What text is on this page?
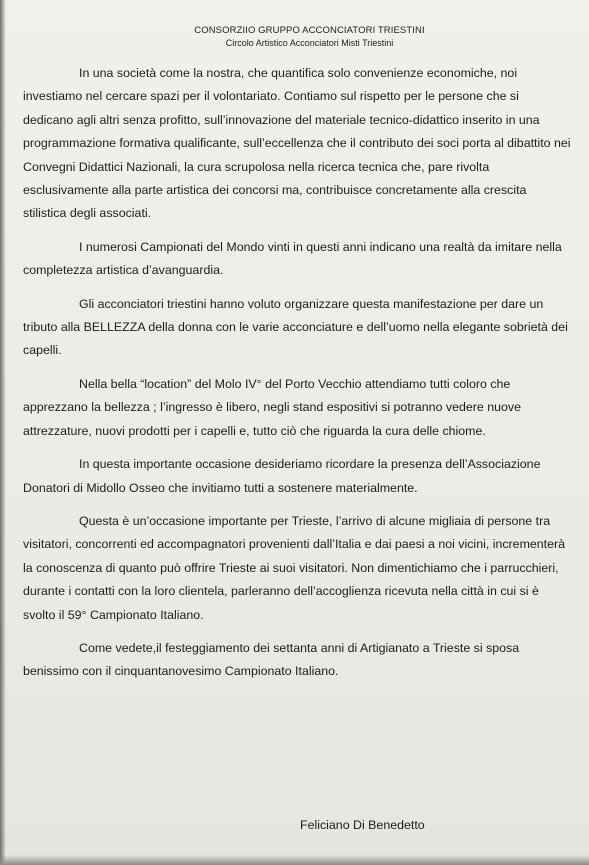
CONSORZIIO GRUPPO ACCONCIATORI TRIESTINI
Circolo Artistico Acconciatori Misti Triestini

In una società come la nostra, che quantifica solo convenienze economiche, noi investiamo nel cercare spazi per il volontariato. Contiamo sul rispetto per le persone che si dedicano agli altri senza profitto, sull’innovazione del materiale tecnico-didattico inserito in una programmazione formativa qualificante, sull’eccellenza che il contributo dei soci porta al dibattito nei Convegni Didattici Nazionali, la cura scrupolosa nella ricerca tecnica che, pare rivolta esclusivamente alla parte artistica dei concorsi ma, contribuisce concretamente alla crescita stilistica degli associati.

I numerosi Campionati del Mondo vinti in questi anni indicano una realtà da imitare nella completezza artistica d’avanguardia.

Gli acconciatori triestini hanno voluto organizzare questa manifestazione per dare un tributo alla BELLEZZA della donna con le varie acconciature e dell’uomo nella elegante sobrietà dei capelli.

Nella bella “location” del Molo IV° del Porto Vecchio attendiamo tutti coloro che apprezzano la bellezza ; l’ingresso è libero, negli stand espositivi si potranno vedere nuove attrezzature, nuovi prodotti per i capelli e, tutto ciò che riguarda la cura delle chiome.

In questa importante occasione desideriamo ricordare la presenza dell’Associazione Donatori di Midollo Osseo che invitiamo tutti a sostenere materialmente.

Questa è un’occasione importante per Trieste, l’arrivo di alcune migliaia di persone tra visitatori, concorrenti ed accompagnatori provenienti dall’Italia e dai paesi a noi vicini, incrementerà la conoscenza di quanto può offrire Trieste ai suoi visitatori. Non dimentichiamo che i parrucchieri, durante i contatti con la loro clientela, parleranno dell’accoglienza ricevuta nella città in cui si è svolto il 59° Campionato Italiano.

Come vedete,il festeggiamento dei settanta anni di Artigianato a Trieste si sposa benissimo con il cinquantanovesimo Campionato Italiano.

Feliciano Di Benedetto
